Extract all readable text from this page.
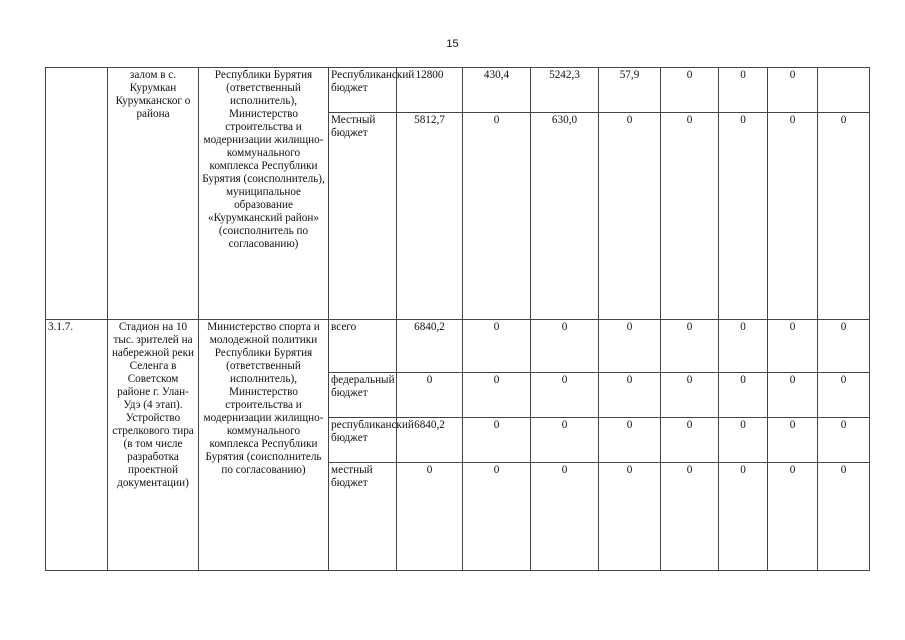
15
	залом в с. Курумкан Курумканског о района	Республики Бурятия (ответственный исполнитель), Министерство строительства и модернизации жилищно-коммунального комплекса Республики Бурятия (соисполнитель), муниципальное образование «Курумканский район» (соисполнитель по согласованию)	Республиканский бюджет	12800	430,4	5242,3	57,9	0	0	0	
			Местный бюджет	5812,7	0	630,0	0	0	0	0	0
3.1.7.	Стадион на 10 тыс. зрителей на набережной реки Селенга в Советском районе г. Улан-Удэ (4 этап). Устройство стрелкового тира (в том числе разработка проектной документации)	Министерство спорта и молодежной политики Республики Бурятия (ответственный исполнитель), Министерство строительства и модернизации жилищно-коммунального комплекса Республики Бурятия (соисполнитель по согласованию)	всего	6840,2	0	0	0	0	0	0	0
			федеральный бюджет	0	0	0	0	0	0	0	0
			республиканский бюджет	6840,2	0	0	0	0	0	0	0
			местный бюджет	0	0	0	0	0	0	0	0
